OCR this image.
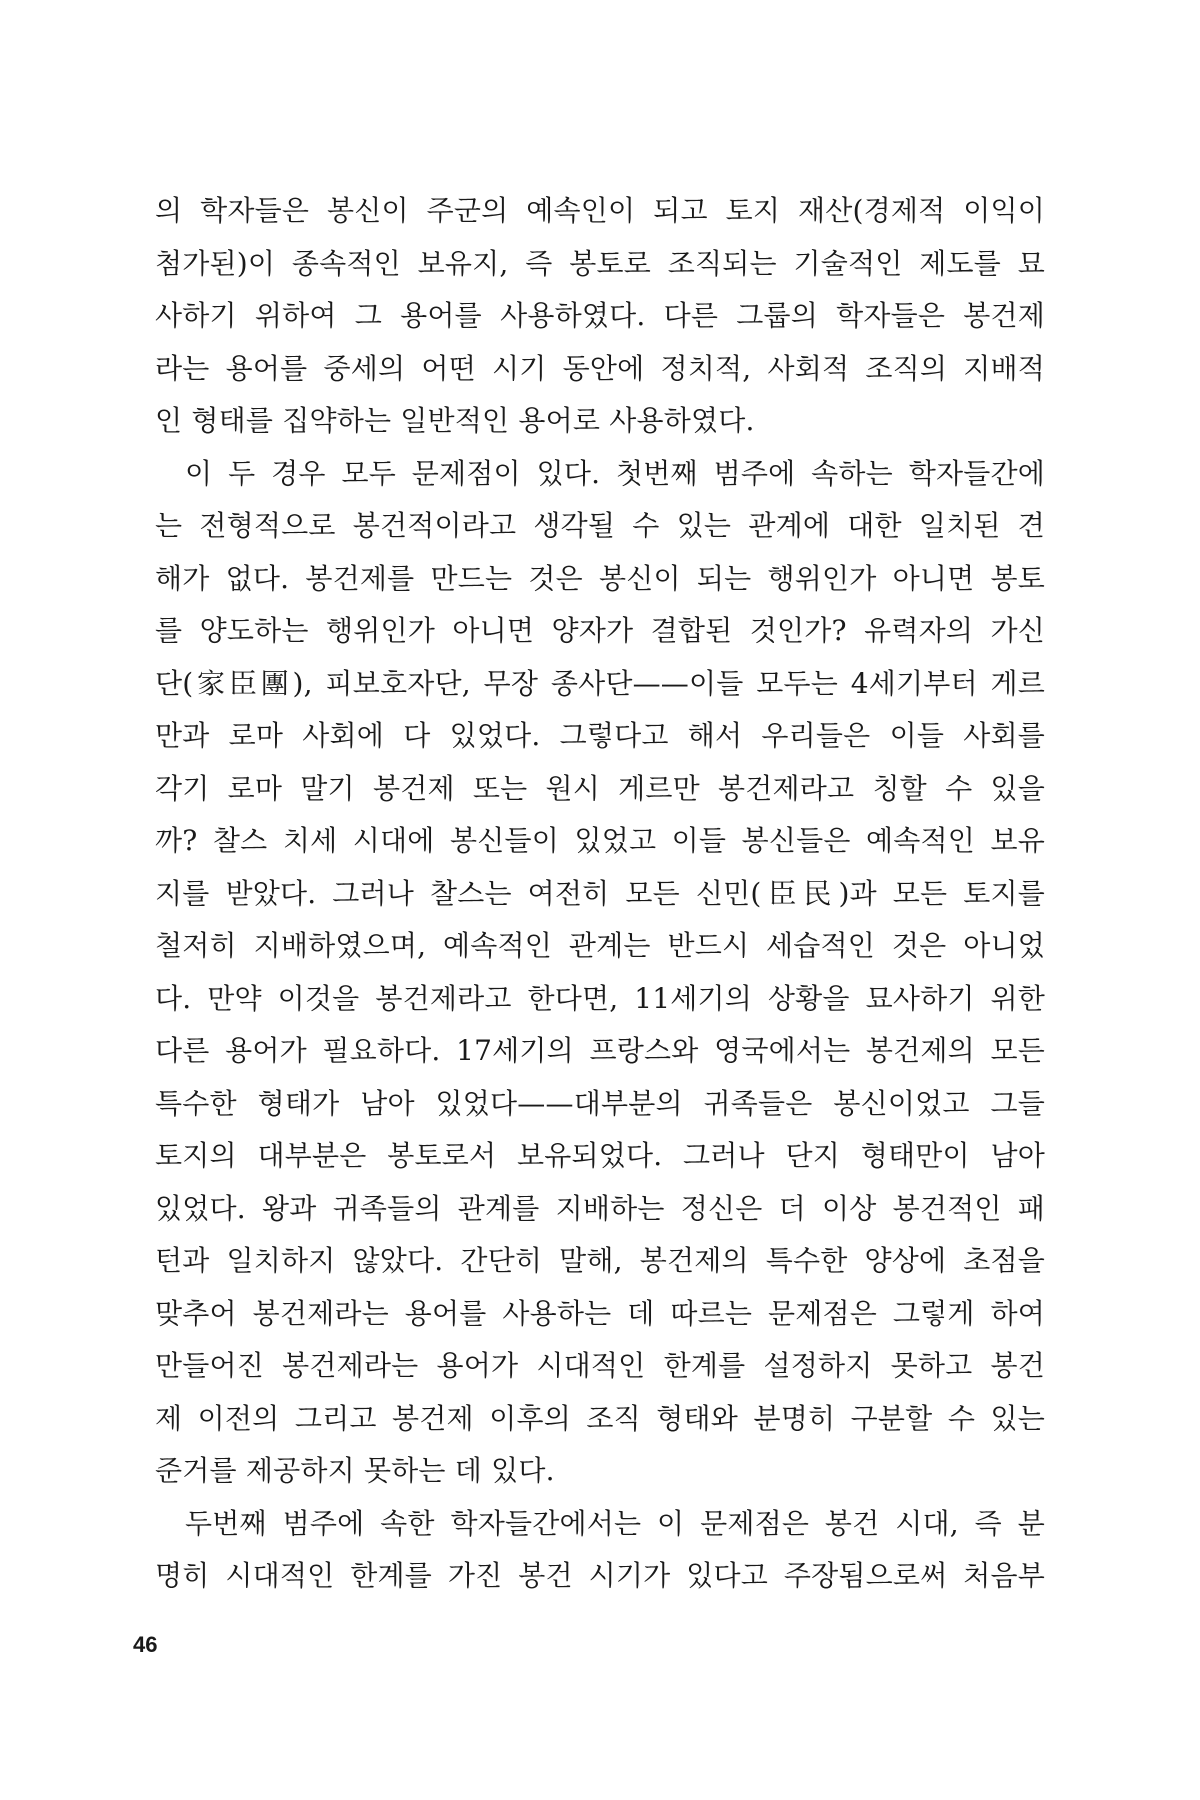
의 학자들은 봉신이 주군의 예속인이 되고 토지 재산(경제적 이익이
첨가된)이 종속적인 보유지, 즉 봉토로 조직되는 기술적인 제도를 묘
사하기 위하여 그 용어를 사용하였다. 다른 그룹의 학자들은 봉건제
라는 용어를 중세의 어떤 시기 동안에 정치적, 사회적 조직의 지배적
인 형태를 집약하는 일반적인 용어로 사용하였다.
이 두 경우 모두 문제점이 있다. 첫번째 범주에 속하는 학자들간에
는 전형적으로 봉건적이라고 생각될 수 있는 관계에 대한 일치된 견
해가 없다. 봉건제를 만드는 것은 봉신이 되는 행위인가 아니면 봉토
를 양도하는 행위인가 아니면 양자가 결합된 것인가? 유력자의 가신
단(家臣團), 피보호자단, 무장 종사단——이들 모두는 4세기부터 게르
만과 로마 사회에 다 있었다. 그렇다고 해서 우리들은 이들 사회를
각기 로마 말기 봉건제 또는 원시 게르만 봉건제라고 칭할 수 있을
까? 찰스 치세 시대에 봉신들이 있었고 이들 봉신들은 예속적인 보유
지를 받았다. 그러나 찰스는 여전히 모든 신민(臣民)과 모든 토지를
철저히 지배하였으며, 예속적인 관계는 반드시 세습적인 것은 아니었
다. 만약 이것을 봉건제라고 한다면, 11세기의 상황을 묘사하기 위한
다른 용어가 필요하다. 17세기의 프랑스와 영국에서는 봉건제의 모든
특수한 형태가 남아 있었다——대부분의 귀족들은 봉신이었고 그들
토지의 대부분은 봉토로서 보유되었다. 그러나 단지 형태만이 남아
있었다. 왕과 귀족들의 관계를 지배하는 정신은 더 이상 봉건적인 패
턴과 일치하지 않았다. 간단히 말해, 봉건제의 특수한 양상에 초점을
맞추어 봉건제라는 용어를 사용하는 데 따르는 문제점은 그렇게 하여
만들어진 봉건제라는 용어가 시대적인 한계를 설정하지 못하고 봉건
제 이전의 그리고 봉건제 이후의 조직 형태와 분명히 구분할 수 있는
준거를 제공하지 못하는 데 있다.
두번째 범주에 속한 학자들간에서는 이 문제점은 봉건 시대, 즉 분
명히 시대적인 한계를 가진 봉건 시기가 있다고 주장됨으로써 처음부
46
